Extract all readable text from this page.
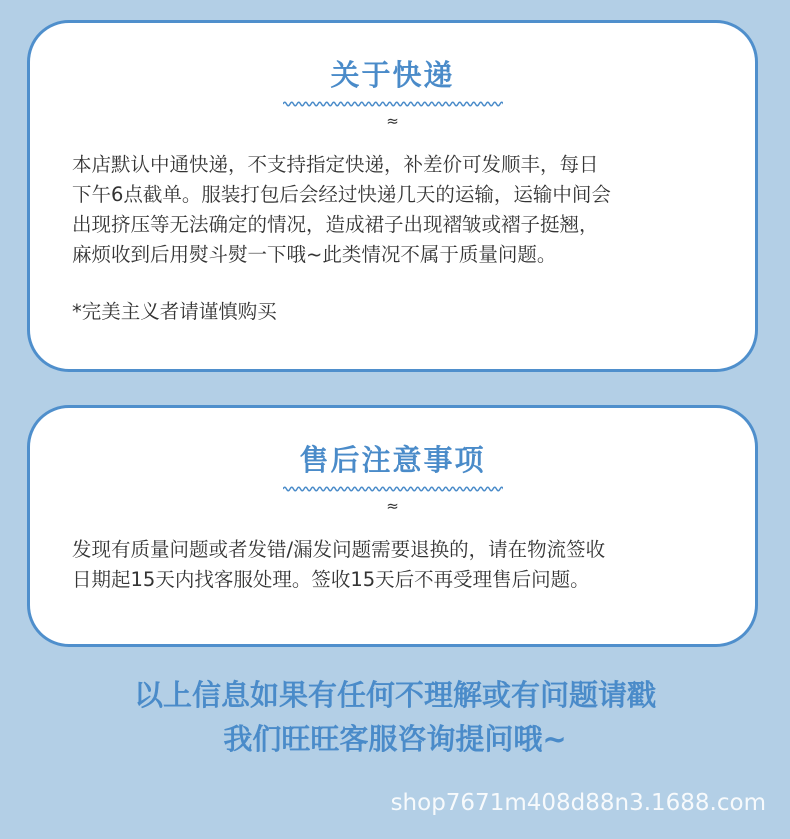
关于快递
≈

本店默认中通快递，不支持指定快递，补差价可发顺丰，每日

下午6点截单。服装打包后会经过快递几天的运输，运输中间会

出现挤压等无法确定的情况，造成裙子出现褶皱或褶子挺翘，

麻烦收到后用熨斗熨一下哦~此类情况不属于质量问题。

*完美主义者请谨慎购买
售后注意事项
≈

发现有质量问题或者发错/漏发问题需要退换的，请在物流签收

日期起15天内找客服处理。签收15天后不再受理售后问题。

以上信息如果有任何不理解或有问题请戳
我们旺旺客服咨询提问哦~
shop7671m408d88n3.1688.com
